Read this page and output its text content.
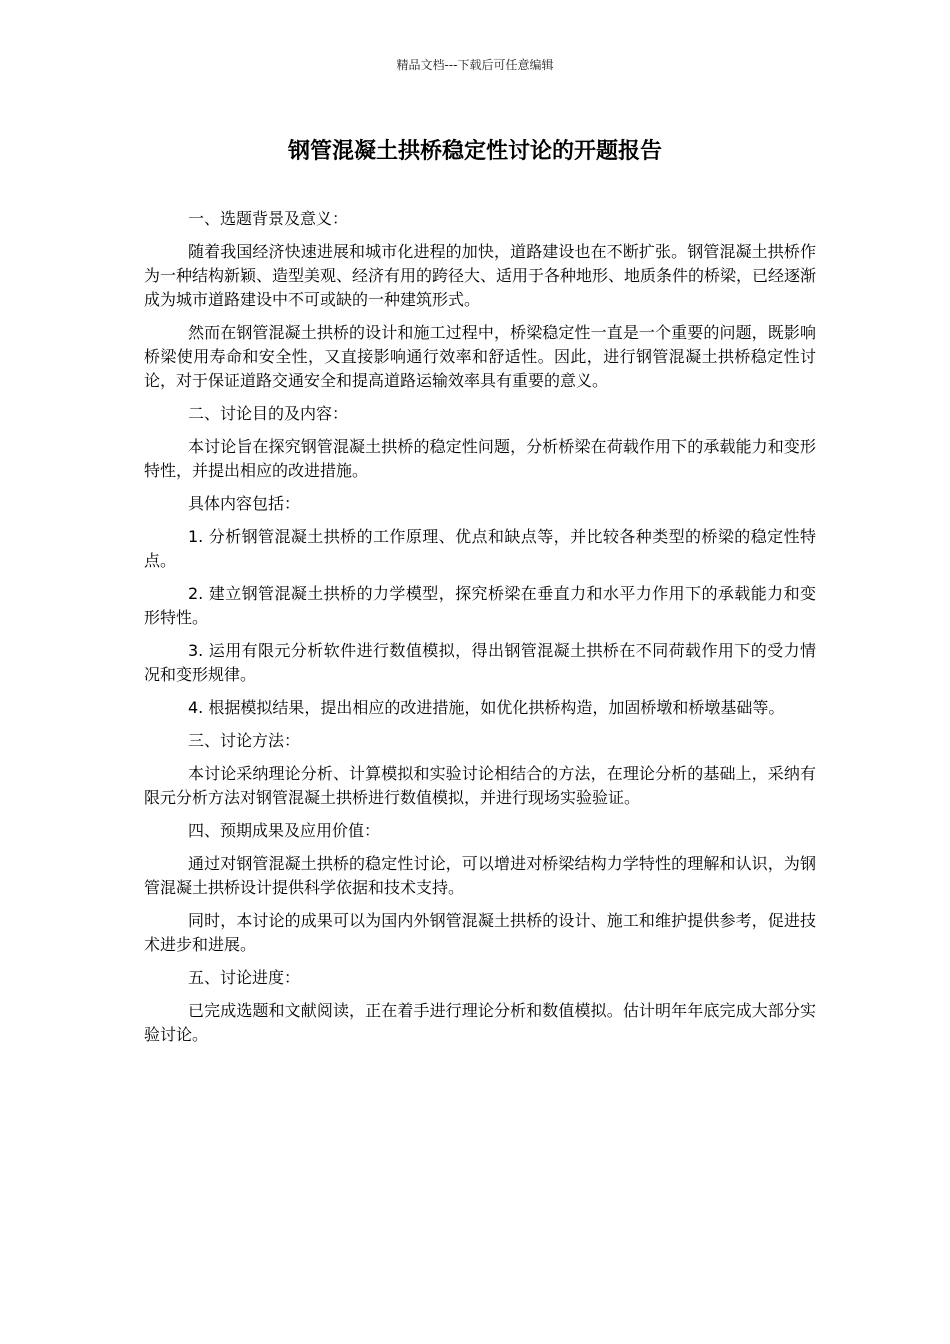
精品文档---下载后可任意编辑
钢管混凝土拱桥稳定性讨论的开题报告

一、选题背景及意义：

随着我国经济快速进展和城市化进程的加快，道路建设也在不断扩张。钢管混凝土拱桥作为一种结构新颖、造型美观、经济有用的跨径大、适用于各种地形、地质条件的桥梁，已经逐渐成为城市道路建设中不可或缺的一种建筑形式。

然而在钢管混凝土拱桥的设计和施工过程中，桥梁稳定性一直是一个重要的问题，既影响桥梁使用寿命和安全性，又直接影响通行效率和舒适性。因此，进行钢管混凝土拱桥稳定性讨论，对于保证道路交通安全和提高道路运输效率具有重要的意义。

二、讨论目的及内容：

本讨论旨在探究钢管混凝土拱桥的稳定性问题，分析桥梁在荷载作用下的承载能力和变形特性，并提出相应的改进措施。

具体内容包括：

1. 分析钢管混凝土拱桥的工作原理、优点和缺点等，并比较各种类型的桥梁的稳定性特点。

2. 建立钢管混凝土拱桥的力学模型，探究桥梁在垂直力和水平力作用下的承载能力和变形特性。

3. 运用有限元分析软件进行数值模拟，得出钢管混凝土拱桥在不同荷载作用下的受力情况和变形规律。

4. 根据模拟结果，提出相应的改进措施，如优化拱桥构造，加固桥墩和桥墩基础等。

三、讨论方法：

本讨论采纳理论分析、计算模拟和实验讨论相结合的方法，在理论分析的基础上，采纳有限元分析方法对钢管混凝土拱桥进行数值模拟，并进行现场实验验证。

四、预期成果及应用价值：

通过对钢管混凝土拱桥的稳定性讨论，可以增进对桥梁结构力学特性的理解和认识，为钢管混凝土拱桥设计提供科学依据和技术支持。

同时，本讨论的成果可以为国内外钢管混凝土拱桥的设计、施工和维护提供参考，促进技术进步和进展。

五、讨论进度：

已完成选题和文献阅读，正在着手进行理论分析和数值模拟。估计明年年底完成大部分实验讨论。
